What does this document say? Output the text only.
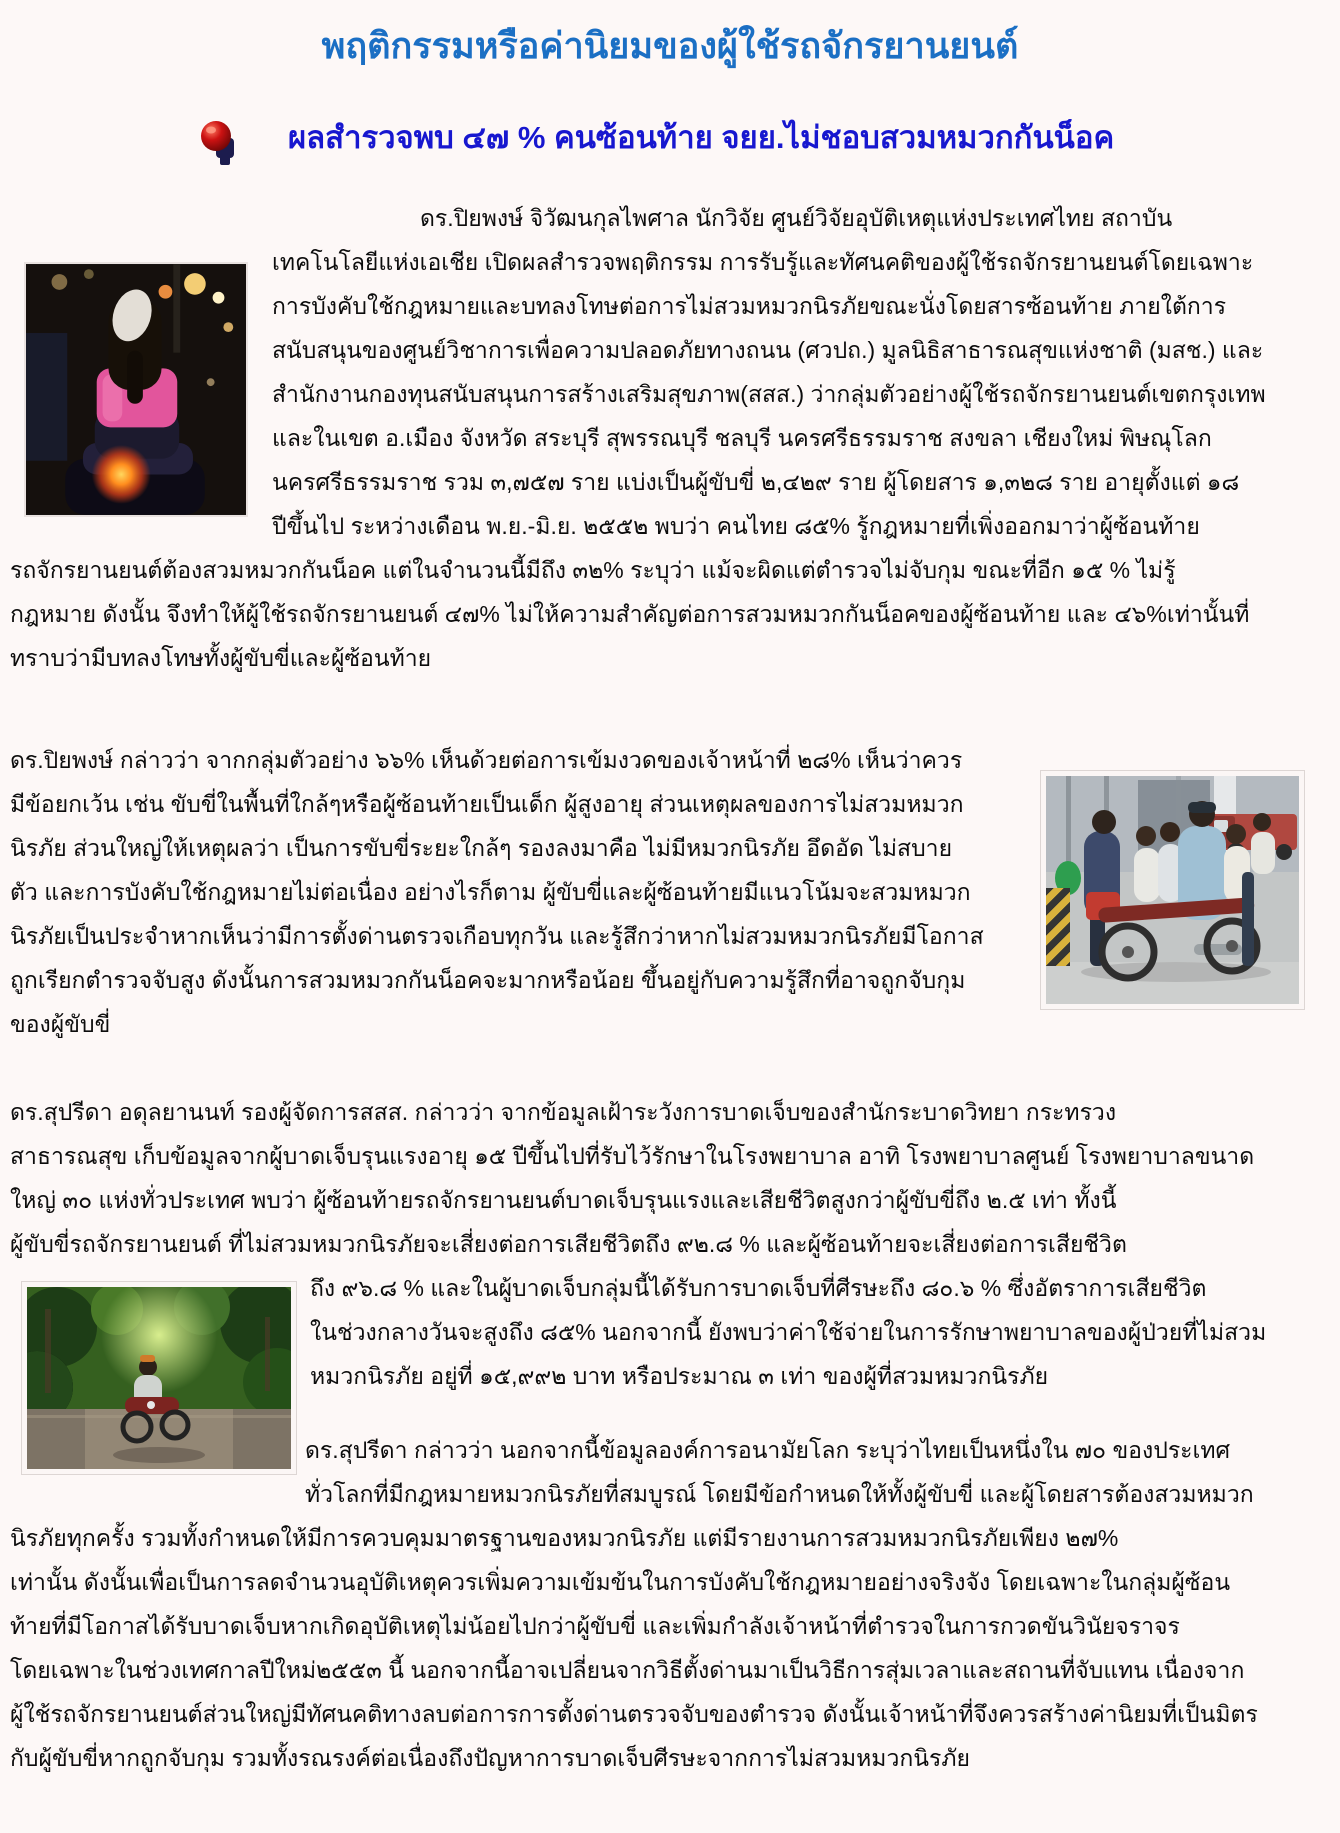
พฤติกรรมหรือค่านิยมของผู้ใช้รถจักรยานยนต์
ผลสำรวจพบ ๔๗ % คนซ้อนท้าย จยย.ไม่ชอบสวมหมวกกันน็อค
ดร.ปิยพงษ์ จิวัฒนกุลไพศาล นักวิจัย ศูนย์วิจัยอุบัติเหตุแห่งประเทศไทย สถาบัน
เทคโนโลยีแห่งเอเชีย เปิดผลสำรวจพฤติกรรม การรับรู้และทัศนคติของผู้ใช้รถจักรยานยนต์โดยเฉพาะ
การบังคับใช้กฎหมายและบทลงโทษต่อการไม่สวมหมวกนิรภัยขณะนั่งโดยสารซ้อนท้าย ภายใต้การ
สนับสนุนของศูนย์วิชาการเพื่อความปลอดภัยทางถนน (ศวปถ.) มูลนิธิสาธารณสุขแห่งชาติ (มสช.) และ
สำนักงานกองทุนสนับสนุนการสร้างเสริมสุขภาพ(สสส.) ว่ากลุ่มตัวอย่างผู้ใช้รถจักรยานยนต์เขตกรุงเทพ
และในเขต อ.เมือง จังหวัด สระบุรี สุพรรณบุรี ชลบุรี นครศรีธรรมราช สงขลา เชียงใหม่ พิษณุโลก
นครศรีธรรมราช รวม ๓,๗๕๗ ราย แบ่งเป็นผู้ขับขี่ ๒,๔๒๙ ราย ผู้โดยสาร ๑,๓๒๘ ราย อายุตั้งแต่ ๑๘
ปีขึ้นไป ระหว่างเดือน พ.ย.-มิ.ย. ๒๕๕๒ พบว่า คนไทย ๘๕% รู้กฎหมายที่เพิ่งออกมาว่าผู้ซ้อนท้าย
รถจักรยานยนต์ต้องสวมหมวกกันน็อค แต่ในจำนวนนี้มีถึง ๓๒% ระบุว่า แม้จะผิดแต่ตำรวจไม่จับกุม ขณะที่อีก ๑๕ % ไม่รู้
กฎหมาย ดังนั้น จึงทำให้ผู้ใช้รถจักรยานยนต์ ๔๗% ไม่ให้ความสำคัญต่อการสวมหมวกกันน็อคของผู้ซ้อนท้าย และ ๔๖%เท่านั้นที่
ทราบว่ามีบทลงโทษทั้งผู้ขับขี่และผู้ซ้อนท้าย
ดร.ปิยพงษ์ กล่าวว่า จากกลุ่มตัวอย่าง ๖๖% เห็นด้วยต่อการเข้มงวดของเจ้าหน้าที่ ๒๘% เห็นว่าควร
มีข้อยกเว้น เช่น ขับขี่ในพื้นที่ใกล้ๆหรือผู้ซ้อนท้ายเป็นเด็ก ผู้สูงอายุ ส่วนเหตุผลของการไม่สวมหมวก
นิรภัย ส่วนใหญ่ให้เหตุผลว่า เป็นการขับขี่ระยะใกล้ๆ รองลงมาคือ ไม่มีหมวกนิรภัย อึดอัด ไม่สบาย
ตัว และการบังคับใช้กฎหมายไม่ต่อเนื่อง อย่างไรก็ตาม ผู้ขับขี่และผู้ซ้อนท้ายมีแนวโน้มจะสวมหมวก
นิรภัยเป็นประจำหากเห็นว่ามีการตั้งด่านตรวจเกือบทุกวัน และรู้สึกว่าหากไม่สวมหมวกนิรภัยมีโอกาส
ถูกเรียกตำรวจจับสูง ดังนั้นการสวมหมวกกันน็อคจะมากหรือน้อย ขึ้นอยู่กับความรู้สึกที่อาจถูกจับกุม
ของผู้ขับขี่
ดร.สุปรีดา อดุลยานนท์ รองผู้จัดการสสส. กล่าวว่า จากข้อมูลเฝ้าระวังการบาดเจ็บของสำนักระบาดวิทยา กระทรวง
สาธารณสุข เก็บข้อมูลจากผู้บาดเจ็บรุนแรงอายุ ๑๕ ปีขึ้นไปที่รับไว้รักษาในโรงพยาบาล อาทิ โรงพยาบาลศูนย์ โรงพยาบาลขนาด
ใหญ่ ๓๐ แห่งทั่วประเทศ พบว่า ผู้ซ้อนท้ายรถจักรยานยนต์บาดเจ็บรุนแรงและเสียชีวิตสูงกว่าผู้ขับขี่ถึง ๒.๕ เท่า ทั้งนี้
ผู้ขับขี่รถจักรยานยนต์ ที่ไม่สวมหมวกนิรภัยจะเสี่ยงต่อการเสียชีวิตถึง ๙๒.๘ % และผู้ซ้อนท้ายจะเสี่ยงต่อการเสียชีวิต
ถึง ๙๖.๘ % และในผู้บาดเจ็บกลุ่มนี้ได้รับการบาดเจ็บที่ศีรษะถึง ๘๐.๖ % ซึ่งอัตราการเสียชีวิต
ในช่วงกลางวันจะสูงถึง ๘๕% นอกจากนี้ ยังพบว่าค่าใช้จ่ายในการรักษาพยาบาลของผู้ป่วยที่ไม่สวม
หมวกนิรภัย อยู่ที่ ๑๕,๙๙๒ บาท หรือประมาณ ๓ เท่า ของผู้ที่สวมหมวกนิรภัย
ดร.สุปรีดา กล่าวว่า นอกจากนี้ข้อมูลองค์การอนามัยโลก ระบุว่าไทยเป็นหนึ่งใน ๗๐ ของประเทศ
ทั่วโลกที่มีกฎหมายหมวกนิรภัยที่สมบูรณ์ โดยมีข้อกำหนดให้ทั้งผู้ขับขี่ และผู้โดยสารต้องสวมหมวก
นิรภัยทุกครั้ง รวมทั้งกำหนดให้มีการควบคุมมาตรฐานของหมวกนิรภัย แต่มีรายงานการสวมหมวกนิรภัยเพียง ๒๗%
เท่านั้น ดังนั้นเพื่อเป็นการลดจำนวนอุบัติเหตุควรเพิ่มความเข้มข้นในการบังคับใช้กฎหมายอย่างจริงจัง โดยเฉพาะในกลุ่มผู้ซ้อน
ท้ายที่มีโอกาสได้รับบาดเจ็บหากเกิดอุบัติเหตุไม่น้อยไปกว่าผู้ขับขี่ และเพิ่มกำลังเจ้าหน้าที่ตำรวจในการกวดขันวินัยจราจร
โดยเฉพาะในช่วงเทศกาลปีใหม่๒๕๕๓ นี้ นอกจากนี้อาจเปลี่ยนจากวิธีตั้งด่านมาเป็นวิธีการสุ่มเวลาและสถานที่จับแทน เนื่องจาก
ผู้ใช้รถจักรยานยนต์ส่วนใหญ่มีทัศนคติทางลบต่อการการตั้งด่านตรวจจับของตำรวจ ดังนั้นเจ้าหน้าที่จึงควรสร้างค่านิยมที่เป็นมิตร
กับผู้ขับขี่หากถูกจับกุม รวมทั้งรณรงค์ต่อเนื่องถึงปัญหาการบาดเจ็บศีรษะจากการไม่สวมหมวกนิรภัย
